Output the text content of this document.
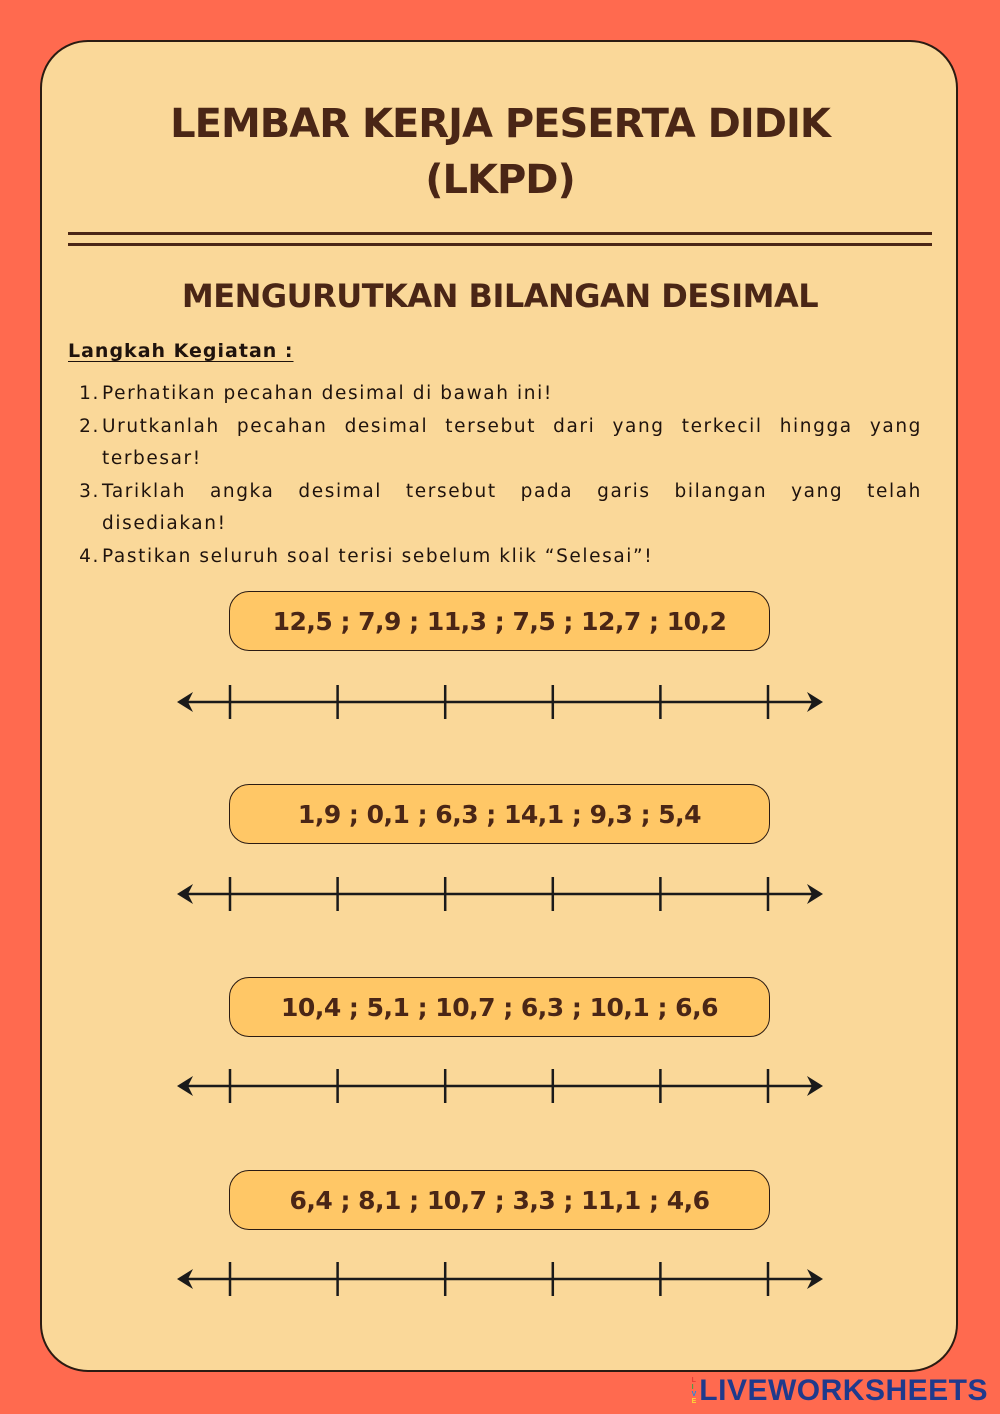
LEMBAR KERJA PESERTA DIDIK
(LKPD)
MENGURUTKAN BILANGAN DESIMAL
Langkah Kegiatan :
1. Perhatikan pecahan desimal di bawah ini!
2. Urutkanlah pecahan desimal tersebut dari yang terkecil hingga yang terbesar!
3. Tariklah angka desimal tersebut pada garis bilangan yang telah disediakan!
4. Pastikan seluruh soal terisi sebelum klik “Selesai”!
12,5 ; 7,9 ; 11,3 ; 7,5 ; 12,7 ; 10,2
1,9 ; 0,1 ; 6,3 ; 14,1 ; 9,3 ; 5,4
10,4 ; 5,1 ; 10,7 ; 6,3 ; 10,1 ; 6,6
6,4 ; 8,1 ; 10,7 ; 3,3 ; 11,1 ; 4,6
L
I
V
E LIVEWORKSHEETS
